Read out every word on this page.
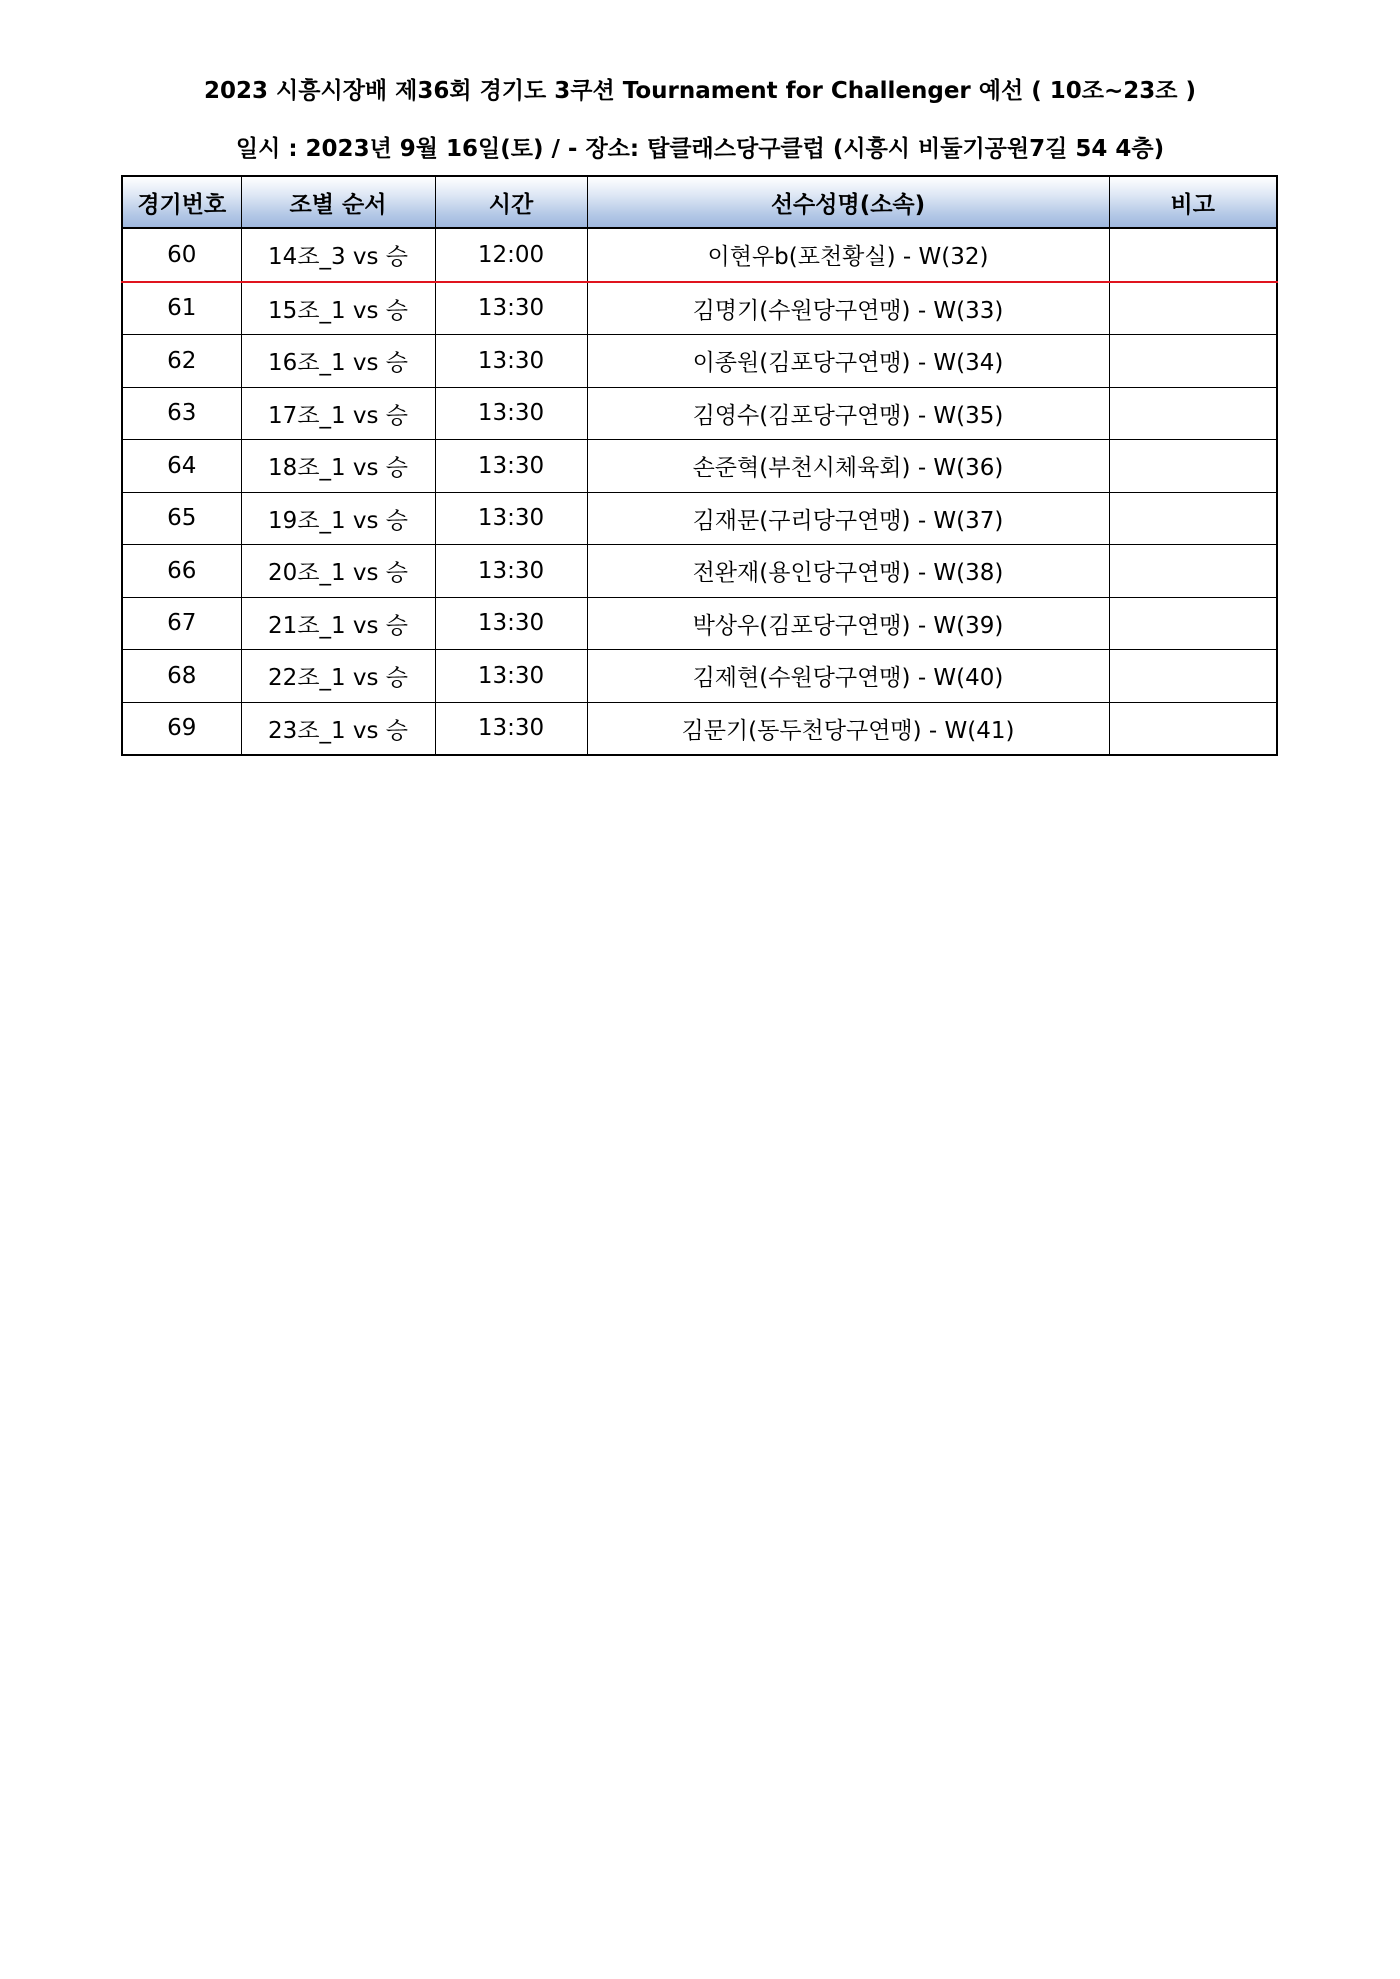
2023 시흥시장배 제36회 경기도 3쿠션 Tournament for Challenger 예선 ( 10조~23조 )
일시 : 2023년 9월 16일(토) / - 장소: 탑클래스당구클럽 (시흥시 비둘기공원7길 54 4층)
경기번호	조별 순서	시간	선수성명(소속)	비고
60	14조_3 vs 승	12:00	이현우b(포천황실) - W(32)	
61	15조_1 vs 승	13:30	김명기(수원당구연맹) - W(33)	
62	16조_1 vs 승	13:30	이종원(김포당구연맹) - W(34)	
63	17조_1 vs 승	13:30	김영수(김포당구연맹) - W(35)	
64	18조_1 vs 승	13:30	손준혁(부천시체육회) - W(36)	
65	19조_1 vs 승	13:30	김재문(구리당구연맹) - W(37)	
66	20조_1 vs 승	13:30	전완재(용인당구연맹) - W(38)	
67	21조_1 vs 승	13:30	박상우(김포당구연맹) - W(39)	
68	22조_1 vs 승	13:30	김제현(수원당구연맹) - W(40)	
69	23조_1 vs 승	13:30	김문기(동두천당구연맹) - W(41)	
